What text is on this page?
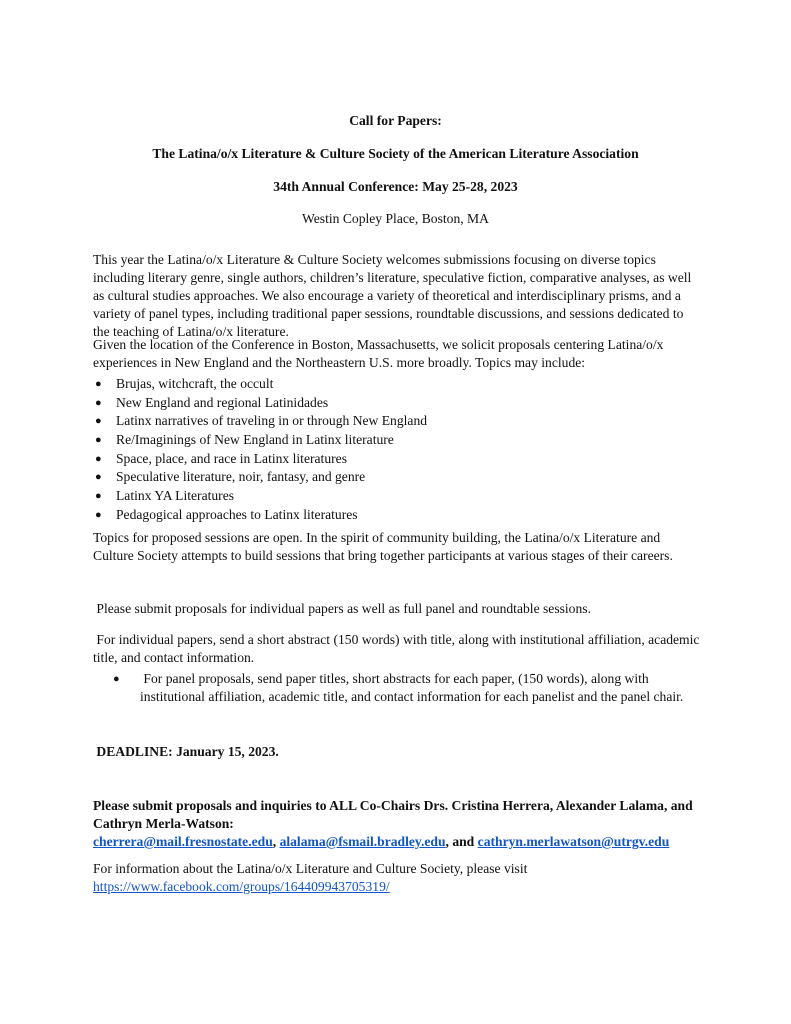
Call for Papers:
The Latina/o/x Literature & Culture Society of the American Literature Association
34th Annual Conference: May 25-28, 2023
Westin Copley Place, Boston, MA
This year the Latina/o/x Literature & Culture Society welcomes submissions focusing on diverse topics including literary genre, single authors, children’s literature, speculative fiction, comparative analyses, as well as cultural studies approaches. We also encourage a variety of theoretical and interdisciplinary prisms, and a variety of panel types, including traditional paper sessions, roundtable discussions, and sessions dedicated to the teaching of Latina/o/x literature.
Given the location of the Conference in Boston, Massachusetts, we solicit proposals centering Latina/o/x experiences in New England and the Northeastern U.S. more broadly. Topics may include:
●	Brujas, witchcraft, the occult
●	New England and regional Latinidades
●	Latinx narratives of traveling in or through New England
●	Re/Imaginings of New England in Latinx literature
●	Space, place, and race in Latinx literatures
●	Speculative literature, noir, fantasy, and genre
●	Latinx YA Literatures
●	Pedagogical approaches to Latinx literatures
Topics for proposed sessions are open. In the spirit of community building, the Latina/o/x Literature and Culture Society attempts to build sessions that bring together participants at various stages of their careers.
Please submit proposals for individual papers as well as full panel and roundtable sessions.
For individual papers, send a short abstract (150 words) with title, along with institutional affiliation, academic title, and contact information.
● For panel proposals, send paper titles, short abstracts for each paper, (150 words), along with institutional affiliation, academic title, and contact information for each panelist and the panel chair.
DEADLINE: January 15, 2023.
Please submit proposals and inquiries to ALL Co-Chairs Drs. Cristina Herrera, Alexander Lalama, and Cathryn Merla-Watson:  cherrera@mail.fresnostate.edu, alalama@fsmail.bradley.edu, and cathryn.merlawatson@utrgv.edu
For information about the Latina/o/x Literature and Culture Society, please visit
https://www.facebook.com/groups/164409943705319/
